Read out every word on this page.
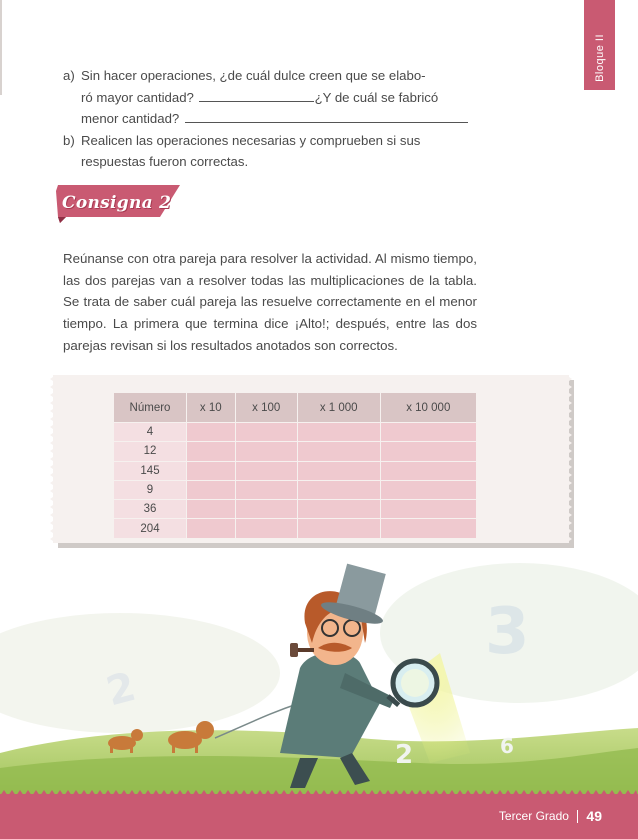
Bloque II
a) Sin hacer operaciones, ¿de cuál dulce creen que se elabo-
ró mayor cantidad?	¿Y de cuál se fabricó
menor cantidad?
b) Realicen las operaciones necesarias y comprueben si sus
respuestas fueron correctas.
Consigna 2
Reúnanse con otra pareja para resolver la actividad. Al mismo tiempo, las dos parejas van a resolver todas las multiplicaciones de la tabla. Se trata de saber cuál pareja las resuelve correctamente en el menor tiempo. La primera que termina dice ¡Alto!; después, entre las dos parejas revisan si los resultados anotados son correctos.
Número	x 10	x 100	x 1 000	x 10 000
4				
12				
145				
9				
36				
204				
3
2
2	6
Tercer Grado 49
